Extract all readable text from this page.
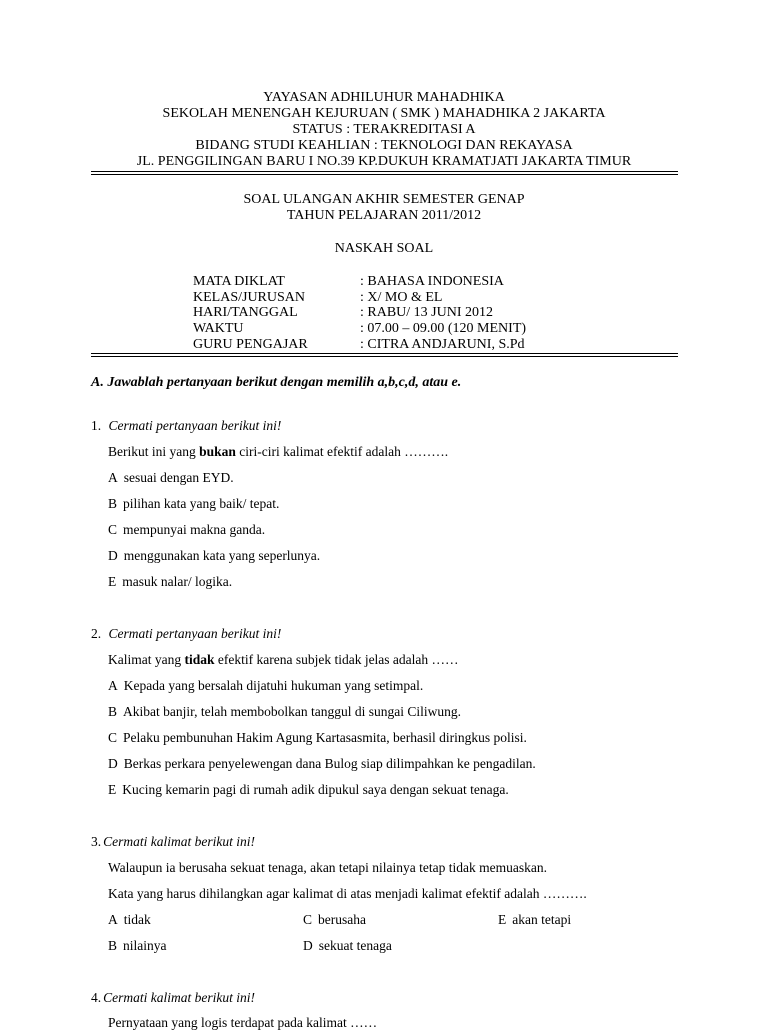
YAYASAN ADHILUHUR MAHADHIKA
SEKOLAH MENENGAH KEJURUAN ( SMK ) MAHADHIKA 2 JAKARTA
STATUS : TERAKREDITASI A
BIDANG STUDI KEAHLIAN : TEKNOLOGI DAN REKAYASA
JL. PENGGILINGAN BARU I NO.39 KP.DUKUH KRAMATJATI JAKARTA TIMUR
SOAL ULANGAN AKHIR SEMESTER GENAP
TAHUN PELAJARAN 2011/2012
NASKAH SOAL
MATA DIKLAT	: BAHASA INDONESIA
KELAS/JURUSAN	: X/ MO & EL
HARI/TANGGAL	: RABU/ 13 JUNI 2012
WAKTU	: 07.00 – 09.00 (120 MENIT)
GURU PENGAJAR	: CITRA ANDJARUNI, S.Pd
A. Jawablah pertanyaan berikut dengan memilih a,b,c,d, atau e.
1. Cermati pertanyaan berikut ini!
Berikut ini yang bukan ciri-ciri kalimat efektif adalah ……….
A sesuai dengan EYD.
B pilihan kata yang baik/ tepat.
C mempunyai makna ganda.
D menggunakan kata yang seperlunya.
E masuk nalar/ logika.
2. Cermati pertanyaan berikut ini!
Kalimat yang tidak efektif karena subjek tidak jelas adalah ……
A Kepada yang bersalah dijatuhi hukuman yang setimpal.
B Akibat banjir, telah membobolkan tanggul di sungai Ciliwung.
C Pelaku pembunuhan Hakim Agung Kartasasmita, berhasil diringkus polisi.
D Berkas perkara penyelewengan dana Bulog siap dilimpahkan ke pengadilan.
E Kucing kemarin pagi di rumah adik dipukul saya dengan sekuat tenaga.
3. Cermati kalimat berikut ini!
Walaupun ia berusaha sekuat tenaga, akan tetapi nilainya tetap tidak memuaskan.
Kata yang harus dihilangkan agar kalimat di atas menjadi kalimat efektif adalah ……….
A tidak	C berusaha	E akan tetapi
B nilainya	D sekuat tenaga
4. Cermati kalimat berikut ini!
Pernyataan yang logis terdapat pada kalimat ……
